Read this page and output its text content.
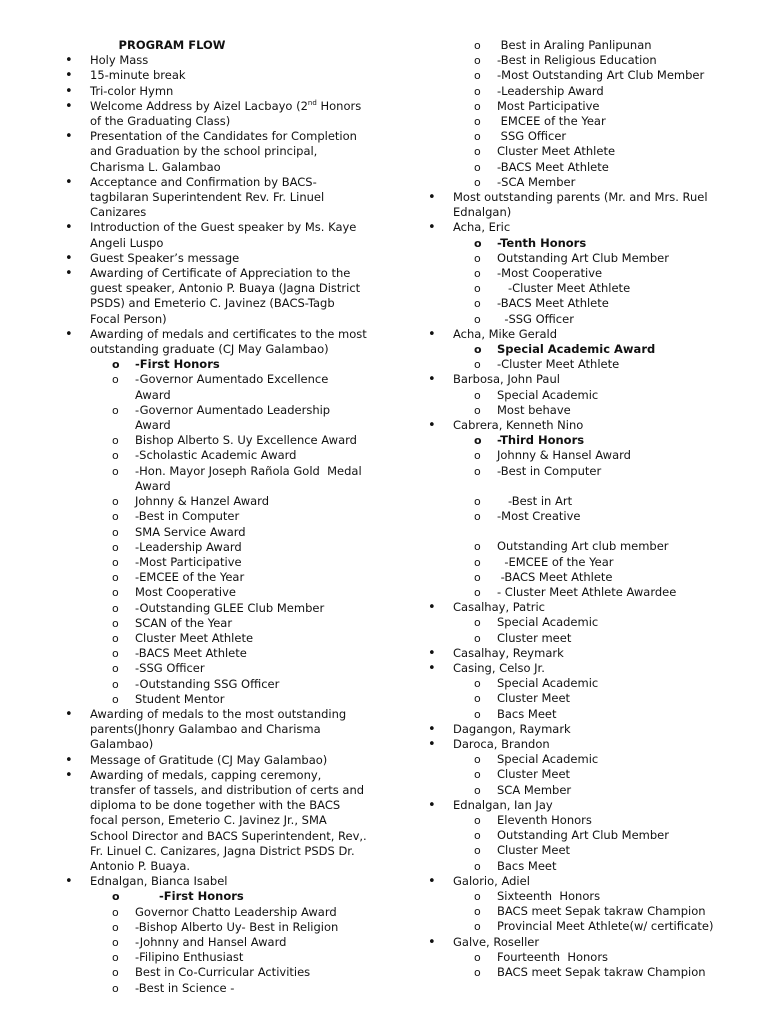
PROGRAM FLOW
• Holy Mass
• 15-minute break
• Tri-color Hymn
• Welcome Address by Aizel Lacbayo (2nd Honors of the Graduating Class)
• Presentation of the Candidates for Completion and Graduation by the school principal, Charisma L. Galambao
• Acceptance and Confirmation by BACS-tagbilaran Superintendent Rev. Fr. Linuel Canizares
• Introduction of the Guest speaker by Ms. Kaye Angeli Luspo
• Guest Speaker’s message
• Awarding of Certificate of Appreciation to the guest speaker, Antonio P. Buaya (Jagna District PSDS) and Emeterio C. Javinez (BACS-Tagb Focal Person)
• Awarding of medals and certificates to the most outstanding graduate (CJ May Galambao)
o -First Honors
o -Governor Aumentado Excellence Award
o -Governor Aumentado Leadership Award
o Bishop Alberto S. Uy Excellence Award
o -Scholastic Academic Award
o -Hon. Mayor Joseph Rañola Gold  Medal Award
o Johnny & Hanzel Award
o -Best in Computer
o SMA Service Award
o -Leadership Award
o -Most Participative
o -EMCEE of the Year
o Most Cooperative
o -Outstanding GLEE Club Member
o SCAN of the Year
o Cluster Meet Athlete
o -BACS Meet Athlete
o -SSG Officer
o -Outstanding SSG Officer
o Student Mentor
• Awarding of medals to the most outstanding parents(Jhonry Galambao and Charisma Galambao)
• Message of Gratitude (CJ May Galambao)
• Awarding of medals, capping ceremony, transfer of tassels, and distribution of certs and diploma to be done together with the BACS focal person, Emeterio C. Javinez Jr., SMA School Director and BACS Superintendent, Rev,. Fr. Linuel C. Canizares, Jagna District PSDS Dr. Antonio P. Buaya.
• Ednalgan, Bianca Isabel
o       -First Honors
o Governor Chatto Leadership Award
o -Bishop Alberto Uy- Best in Religion
o -Johnny and Hansel Award
o -Filipino Enthusiast
o Best in Co-Curricular Activities
o -Best in Science -
o  Best in Araling Panlipunan
o -Best in Religious Education
o -Most Outstanding Art Club Member
o -Leadership Award
o Most Participative
o  EMCEE of the Year
o  SSG Officer
o Cluster Meet Athlete
o -BACS Meet Athlete
o -SCA Member
• Most outstanding parents (Mr. and Mrs. Ruel Ednalgan)
• Acha, Eric
o -Tenth Honors
o Outstanding Art Club Member
o -Most Cooperative
o    -Cluster Meet Athlete
o -BACS Meet Athlete
o   -SSG Officer
• Acha, Mike Gerald
o Special Academic Award
o -Cluster Meet Athlete
• Barbosa, John Paul
o Special Academic
o Most behave
• Cabrera, Kenneth Nino
o -Third Honors
o Johnny & Hansel Award
o -Best in Computer
o    -Best in Art
o -Most Creative
o Outstanding Art club member
o   -EMCEE of the Year
o  -BACS Meet Athlete
o - Cluster Meet Athlete Awardee
• Casalhay, Patric
o Special Academic
o Cluster meet
• Casalhay, Reymark
• Casing, Celso Jr.
o Special Academic
o Cluster Meet
o Bacs Meet
• Dagangon, Raymark
• Daroca, Brandon
o Special Academic
o Cluster Meet
o SCA Member
• Ednalgan, Ian Jay
o Eleventh Honors
o Outstanding Art Club Member
o Cluster Meet
o Bacs Meet
• Galorio, Adiel
o Sixteenth  Honors
o BACS meet Sepak takraw Champion
o Provincial Meet Athlete(w/ certificate)
• Galve, Roseller
o Fourteenth  Honors
o BACS meet Sepak takraw Champion
